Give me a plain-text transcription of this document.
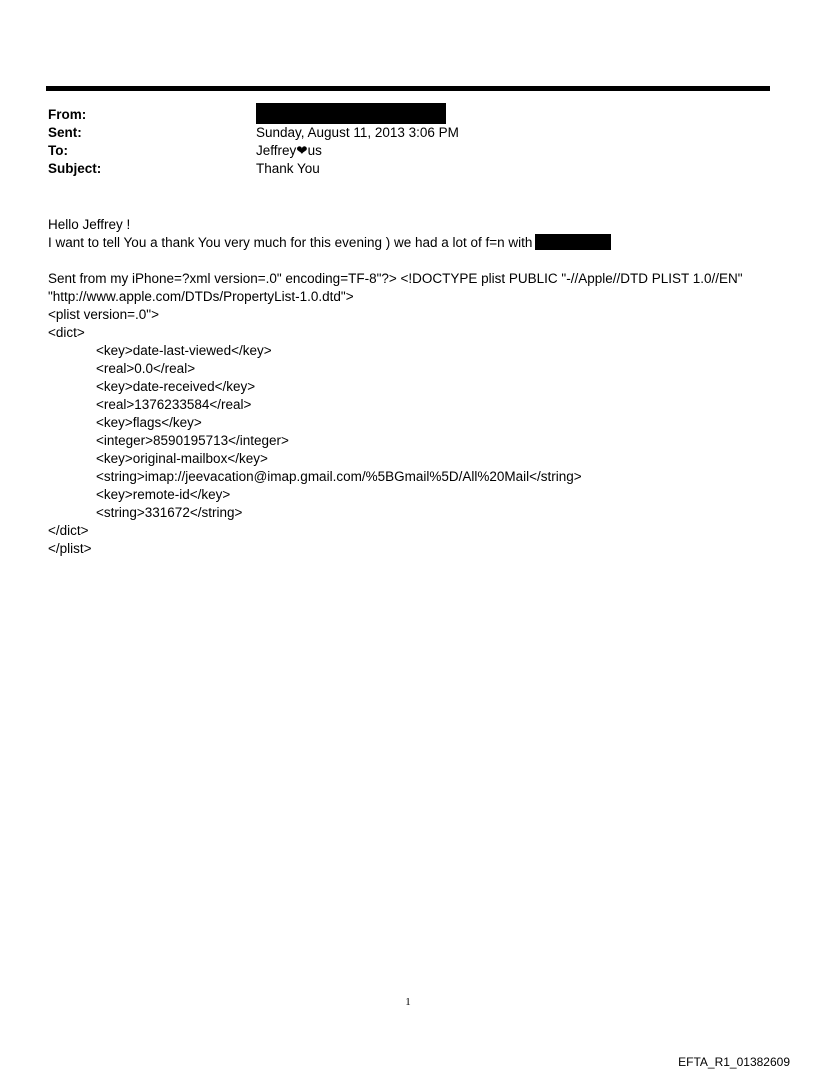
From:
Sent:	Sunday, August 11, 2013 3:06 PM
To:	Jeffrey❤us
Subject:	Thank You
Hello Jeffrey !
I want to tell You a thank You very much for this evening ) we had a lot of f=n with
Sent from my iPhone=?xml version=.0" encoding=TF-8"?> <!DOCTYPE plist PUBLIC "-//Apple//DTD PLIST 1.0//EN"
"http://www.apple.com/DTDs/PropertyList-1.0.dtd">
<plist version=.0">
<dict>
<key>date-last-viewed</key>
<real>0.0</real>
<key>date-received</key>
<real>1376233584</real>
<key>flags</key>
<integer>8590195713</integer>
<key>original-mailbox</key>
<string>imap://jeevacation@imap.gmail.com/%5BGmail%5D/All%20Mail</string>
<key>remote-id</key>
<string>331672</string>
</dict>
</plist>
1
EFTA_R1_01382609
